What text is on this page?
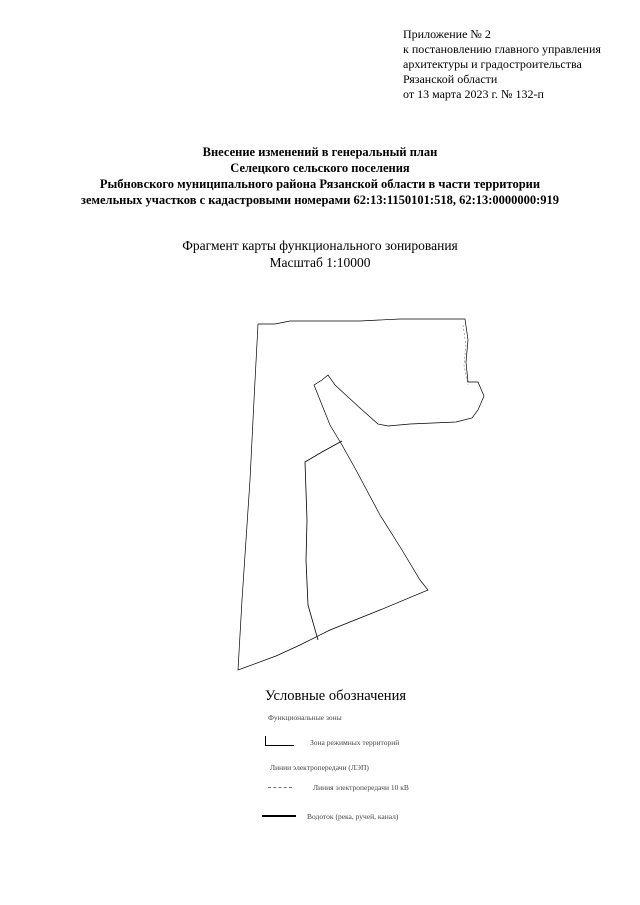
Приложение № 2
к постановлению главного управления
архитектуры и градостроительства
Рязанской области
от 13 марта 2023 г. № 132-п
Внесение изменений в генеральный план
Селецкого сельского поселения
Рыбновского муниципального района Рязанской области в части территории
земельных участков с кадастровыми номерами 62:13:1150101:518, 62:13:0000000:919
Фрагмент карты функционального зонирования
Масштаб 1:10000
Условные обозначения
Функциональные зоны
Зона режимных территорий
Линии электропередачи (ЛЭП)
Линия электропередачи 10 кВ
Водоток (река, ручей, канал)
